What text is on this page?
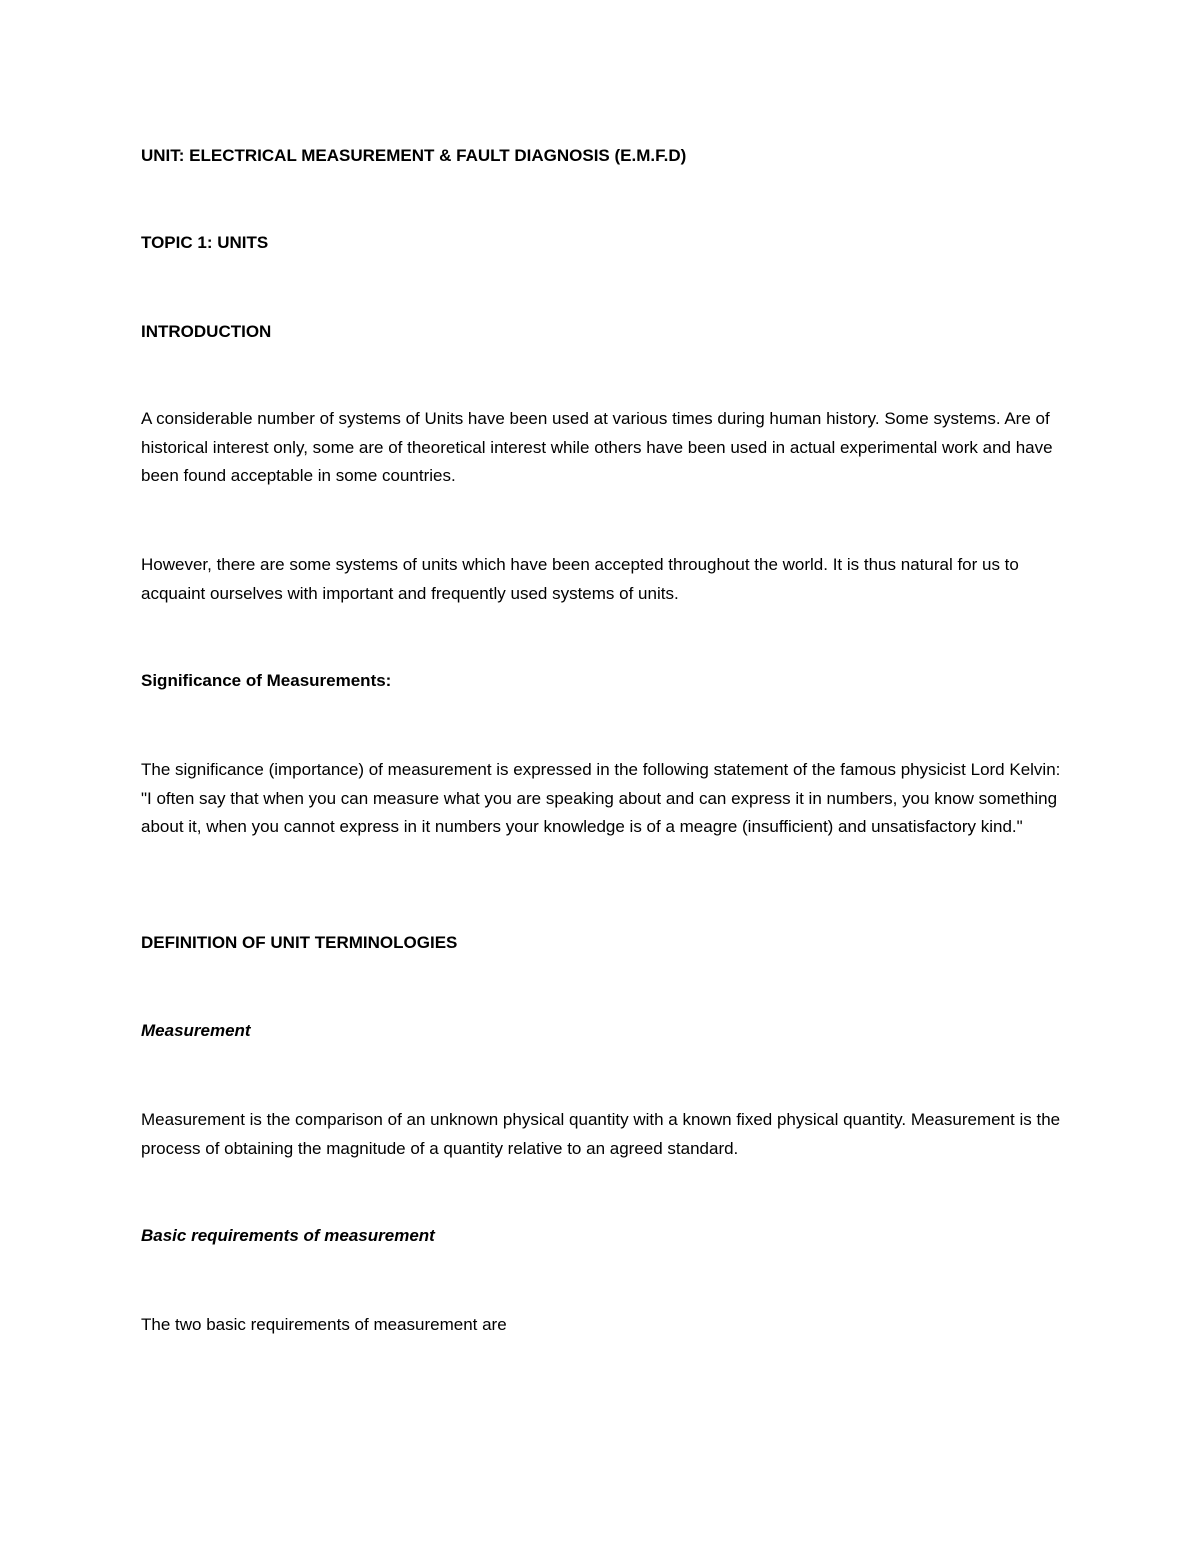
UNIT: ELECTRICAL MEASUREMENT & FAULT DIAGNOSIS (E.M.F.D)
TOPIC 1: UNITS
INTRODUCTION
A considerable number of systems of Units have been used at various times during human history. Some systems. Are of historical interest only, some are of theoretical interest while others have been used in actual experimental work and have been found acceptable in some countries.
However, there are some systems of units which have been accepted throughout the world. It is thus natural for us to acquaint ourselves with important and frequently used systems of units.
Significance of Measurements:
The significance (importance) of measurement is expressed in the following statement of the famous physicist Lord Kelvin: "I often say that when you can measure what you are speaking about and can express it in numbers, you know something about it, when you cannot express in it numbers your knowledge is of a meagre (insufficient) and unsatisfactory kind."
DEFINITION OF UNIT TERMINOLOGIES
Measurement
Measurement is the comparison of an unknown physical quantity with a known fixed physical quantity. Measurement is the process of obtaining the magnitude of a quantity relative to an agreed standard.
Basic requirements of measurement
The two basic requirements of measurement are
